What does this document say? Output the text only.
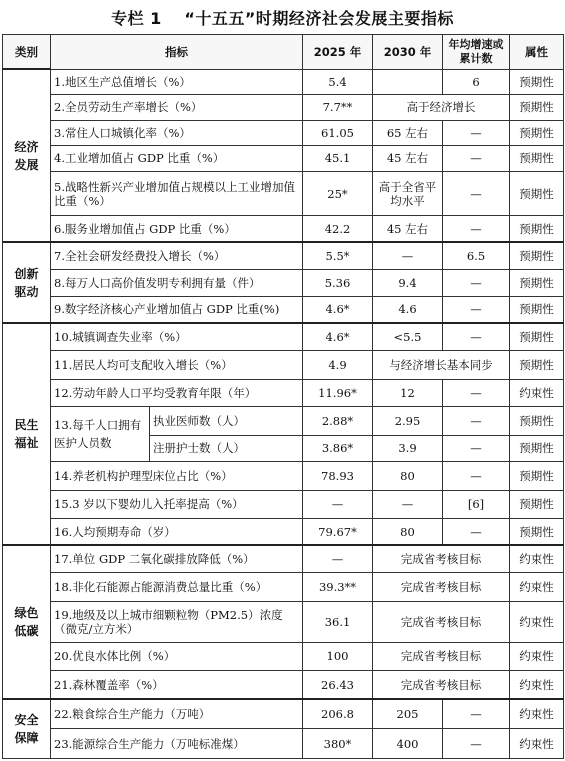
专栏 1　 “十五五”时期经济社会发展主要指标
类别	指标		2025 年	2030 年	年均增速或累计数	属性
经济发展	1.地区生产总值增长（%）		5.4		6	预期性
	2.全员劳动生产率增长（%）		7.7**	高于经济增长		预期性
	3.常住人口城镇化率（%）		61.05	65 左右	—	预期性
	4.工业增加值占 GDP 比重（%）		45.1	45 左右	—	预期性
	5.战略性新兴产业增加值占规模以上工业增加值比重（%）		25*	高于全省平均水平	—	预期性
	6.服务业增加值占 GDP 比重（%）		42.2	45 左右	—	预期性
创新驱动	7.全社会研发经费投入增长（%）		5.5*	—	6.5	预期性
	8.每万人口高价值发明专利拥有量（件）		5.36	9.4	—	预期性
	9.数字经济核心产业增加值占 GDP 比重(%)		4.6*	4.6	—	预期性
民生福祉	10.城镇调查失业率（%）		4.6*	<5.5	—	预期性
	11.居民人均可支配收入增长（%）		4.9	与经济增长基本同步		预期性
	12.劳动年龄人口平均受教育年限（年）		11.96*	12	—	约束性
	13.每千人口拥有医护人员数	执业医师数（人）	2.88*	2.95	—	预期性
		注册护士数（人）	3.86*	3.9	—	预期性
	14.养老机构护理型床位占比（%）		78.93	80	—	预期性
	15.3 岁以下婴幼儿入托率提高（%）		—	—	[6]	预期性
	16.人均预期寿命（岁）		79.67*	80	—	预期性
绿色低碳	17.单位 GDP 二氧化碳排放降低（%）		—	完成省考核目标		约束性
	18.非化石能源占能源消费总量比重（%）		39.3**	完成省考核目标		约束性
	19.地级及以上城市细颗粒物（PM2.5）浓度（微克/立方米）		36.1	完成省考核目标		约束性
	20.优良水体比例（%）		100	完成省考核目标		约束性
	21.森林覆盖率（%）		26.43	完成省考核目标		约束性
安全保障	22.粮食综合生产能力（万吨）		206.8	205	—	约束性
	23.能源综合生产能力（万吨标准煤）		380*	400	—	约束性
